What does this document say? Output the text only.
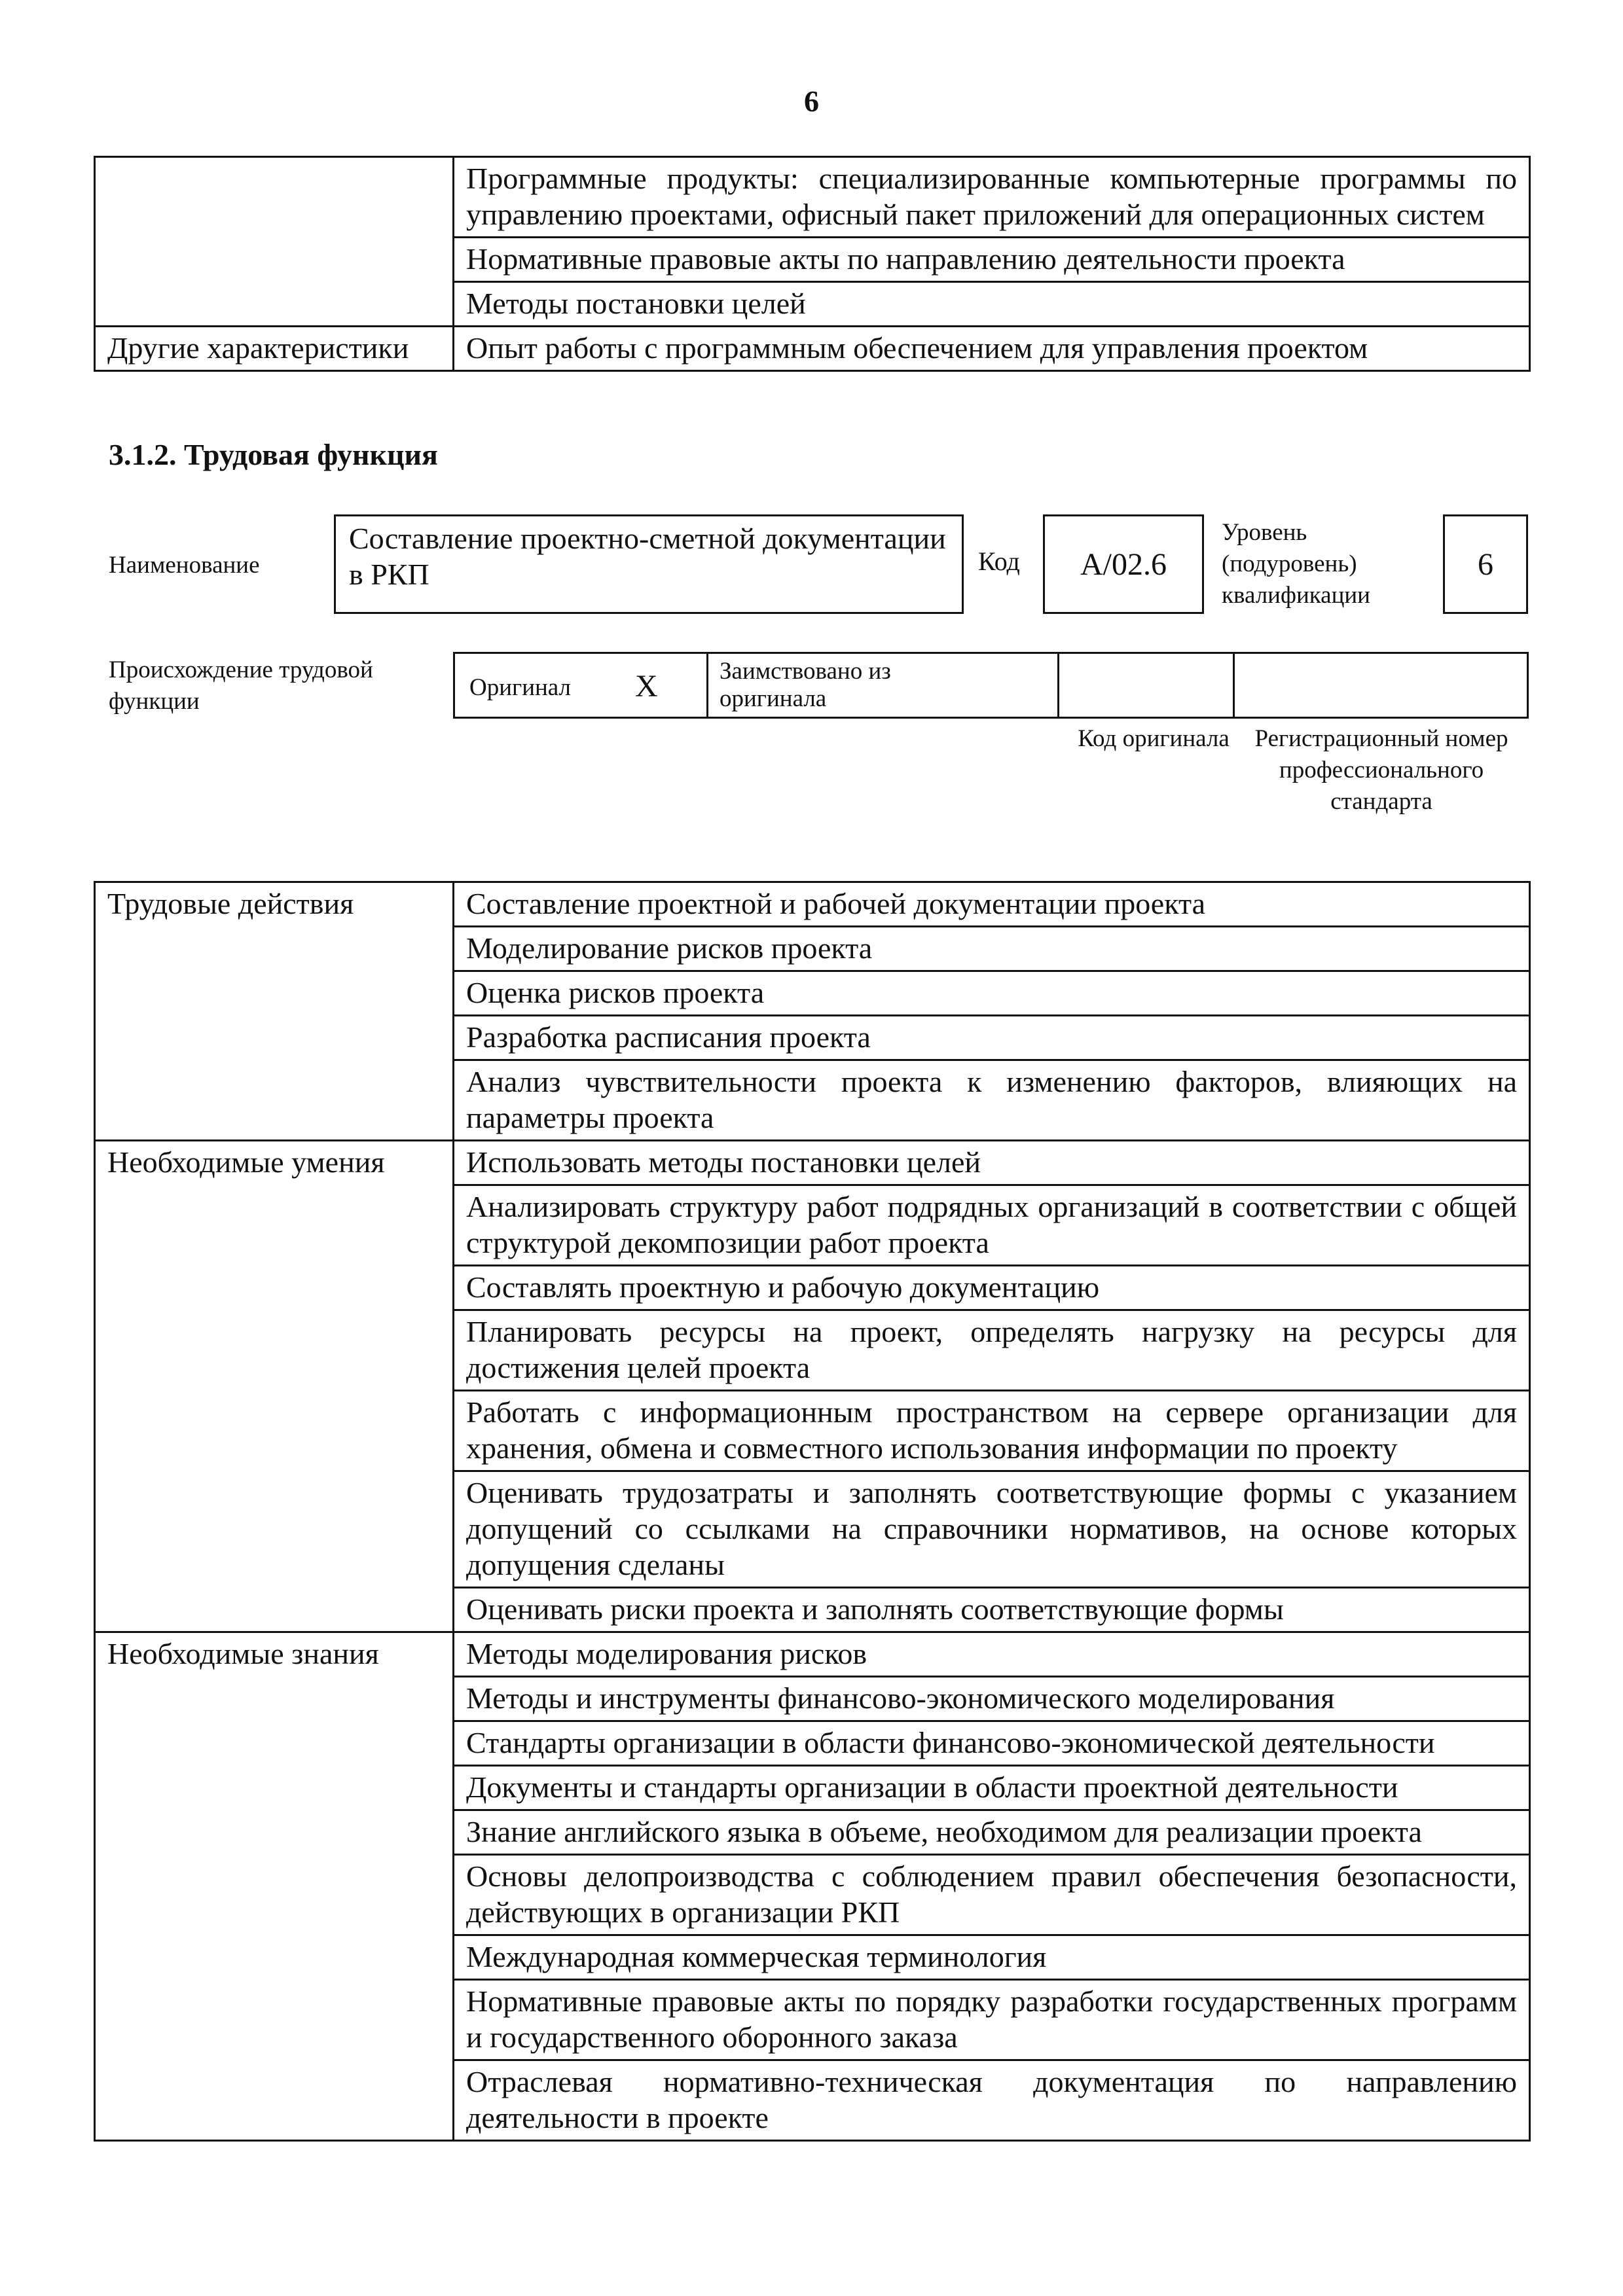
6
	Программные продукты: специализированные компьютерные программы по управлению проектами, офисный пакет приложений для операционных систем
	Нормативные правовые акты по направлению деятельности проекта
	Методы постановки целей
Другие характеристики	Опыт работы с программным обеспечением для управления проектом
3.1.2. Трудовая функция
Наименование
Составление проектно-сметной документации в РКП	Код A/02.6
Уровень (подуровень) квалификации
6
Происхождение трудовой функции
Оригинал X	Заимствовано из оригинала
Код оригинала	Регистрационный номер профессионального стандарта
Трудовые действия	Составление проектной и рабочей документации проекта
	Моделирование рисков проекта
	Оценка рисков проекта
	Разработка расписания проекта
	Анализ чувствительности проекта к изменению факторов, влияющих на параметры проекта
Необходимые умения	Использовать методы постановки целей
	Анализировать структуру работ подрядных организаций в соответствии с общей структурой декомпозиции работ проекта
	Составлять проектную и рабочую документацию
	Планировать ресурсы на проект, определять нагрузку на ресурсы для достижения целей проекта
	Работать с информационным пространством на сервере организации для хранения, обмена и совместного использования информации по проекту
	Оценивать трудозатраты и заполнять соответствующие формы с указанием допущений со ссылками на справочники нормативов, на основе которых допущения сделаны
	Оценивать риски проекта и заполнять соответствующие формы
Необходимые знания	Методы моделирования рисков
	Методы и инструменты финансово-экономического моделирования
	Стандарты организации в области финансово-экономической деятельности
	Документы и стандарты организации в области проектной деятельности
	Знание английского языка в объеме, необходимом для реализации проекта
	Основы делопроизводства с соблюдением правил обеспечения безопасности, действующих в организации РКП
	Международная коммерческая терминология
	Нормативные правовые акты по порядку разработки государственных программ и государственного оборонного заказа
	Отраслевая нормативно-техническая документация по направлению деятельности в проекте
